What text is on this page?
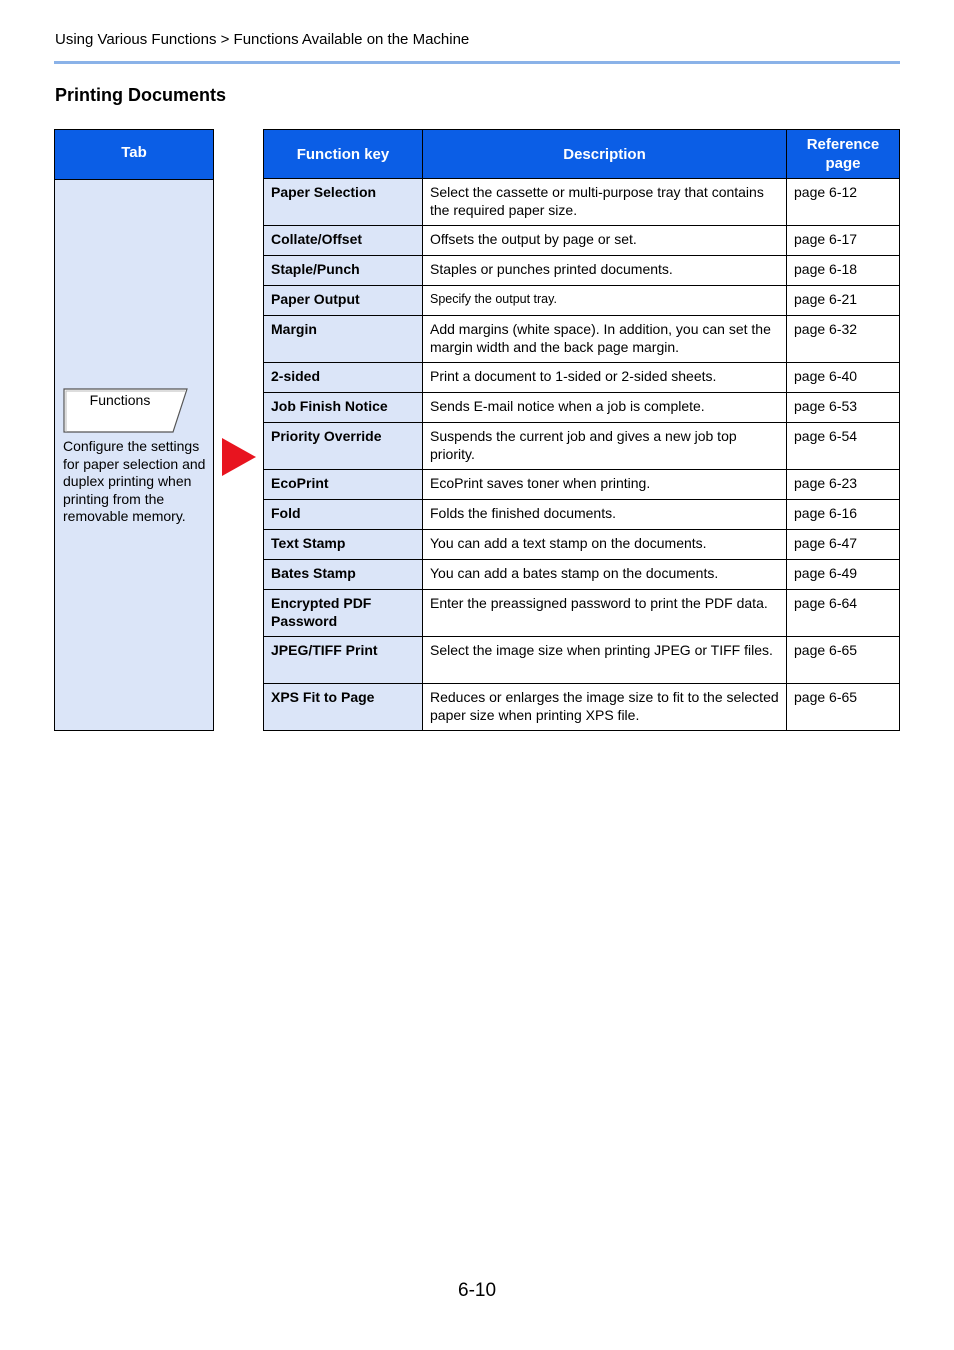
Using Various Functions > Functions Available on the Machine
Printing Documents
Tab
Functions
Configure the settings for paper selection and duplex printing when printing from the removable memory.
Function key	Description	Reference page
Paper Selection	Select the cassette or multi-purpose tray that contains the required paper size.	page 6-12
Collate/Offset	Offsets the output by page or set.	page 6-17
Staple/Punch	Staples or punches printed documents.	page 6-18
Paper Output	Specify the output tray.	page 6-21
Margin	Add margins (white space). In addition, you can set the margin width and the back page margin.	page 6-32
2-sided	Print a document to 1-sided or 2-sided sheets.	page 6-40
Job Finish Notice	Sends E-mail notice when a job is complete.	page 6-53
Priority Override	Suspends the current job and gives a new job top priority.	page 6-54
EcoPrint	EcoPrint saves toner when printing.	page 6-23
Fold	Folds the finished documents.	page 6-16
Text Stamp	You can add a text stamp on the documents.	page 6-47
Bates Stamp	You can add a bates stamp on the documents.	page 6-49
Encrypted PDF Password	Enter the preassigned password to print the PDF data.	page 6-64
JPEG/TIFF Print	Select the image size when printing JPEG or TIFF files.	page 6-65
XPS Fit to Page	Reduces or enlarges the image size to fit to the selected paper size when printing XPS file.	page 6-65
6-10
